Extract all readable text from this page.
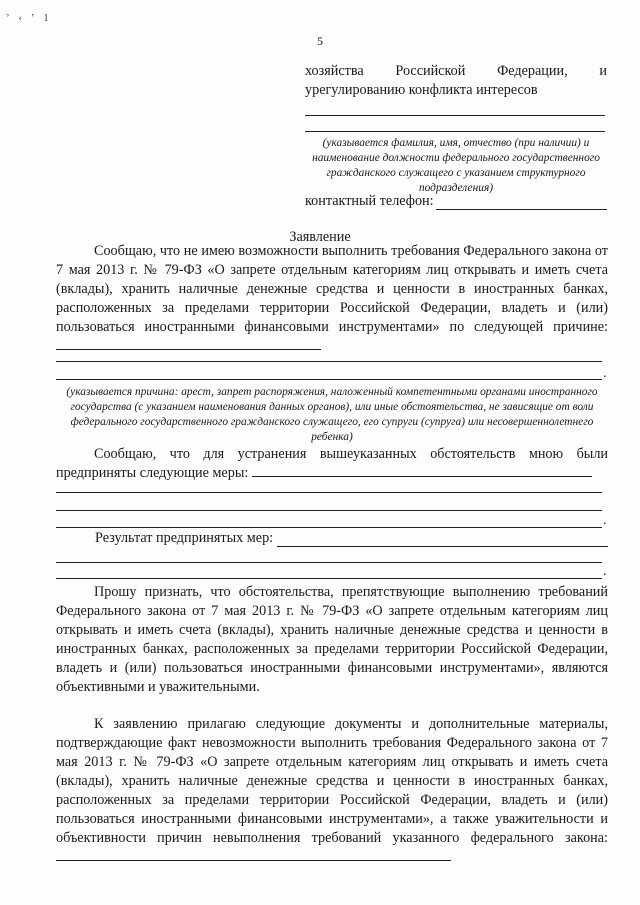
ʼ ‹ ʼ 1
5
хозяйства Российской Федерации, и
урегулированию конфликта интересов
(указывается фамилия, имя, отчество (при наличии) и наименование должности федерального государственного гражданского служащего с указанием структурного подразделения)
контактный телефон:
Заявление
Сообщаю, что не имею возможности выполнить требования Федерального закона от 7 мая 2013 г. № 79-ФЗ «О запрете отдельным категориям лиц открывать и иметь счета (вклады), хранить наличные денежные средства и ценности в иностранных банках, расположенных за пределами территории Российской Федерации, владеть и (или) пользоваться иностранными финансовыми инструментами» по следующей причине:
.
(указывается причина: арест, запрет распоряжения, наложенный компетентными органами иностранного государства (с указанием наименования данных органов), или иные обстоятельства, не зависящие от воли федерального государственного гражданского служащего, его супруги (супруга) или несовершеннолетнего ребенка)
Сообщаю, что для устранения вышеуказанных обстоятельств мною были предприняты следующие меры:
.
Результат предпринятых мер:
.
Прошу признать, что обстоятельства, препятствующие выполнению требований Федерального закона от 7 мая 2013 г. № 79-ФЗ «О запрете отдельным категориям лиц открывать и иметь счета (вклады), хранить наличные денежные средства и ценности в иностранных банках, расположенных за пределами территории Российской Федерации, владеть и (или) пользоваться иностранными финансовыми инструментами», являются объективными и уважительными.
К заявлению прилагаю следующие документы и дополнительные материалы, подтверждающие факт невозможности выполнить требования Федерального закона от 7 мая 2013 г. № 79-ФЗ «О запрете отдельным категориям лиц открывать и иметь счета (вклады), хранить наличные денежные средства и ценности в иностранных банках, расположенных за пределами территории Российской Федерации, владеть и (или) пользоваться иностранными финансовыми инструментами», а также уважительности и объективности причин невыполнения требований указанного федерального закона:
